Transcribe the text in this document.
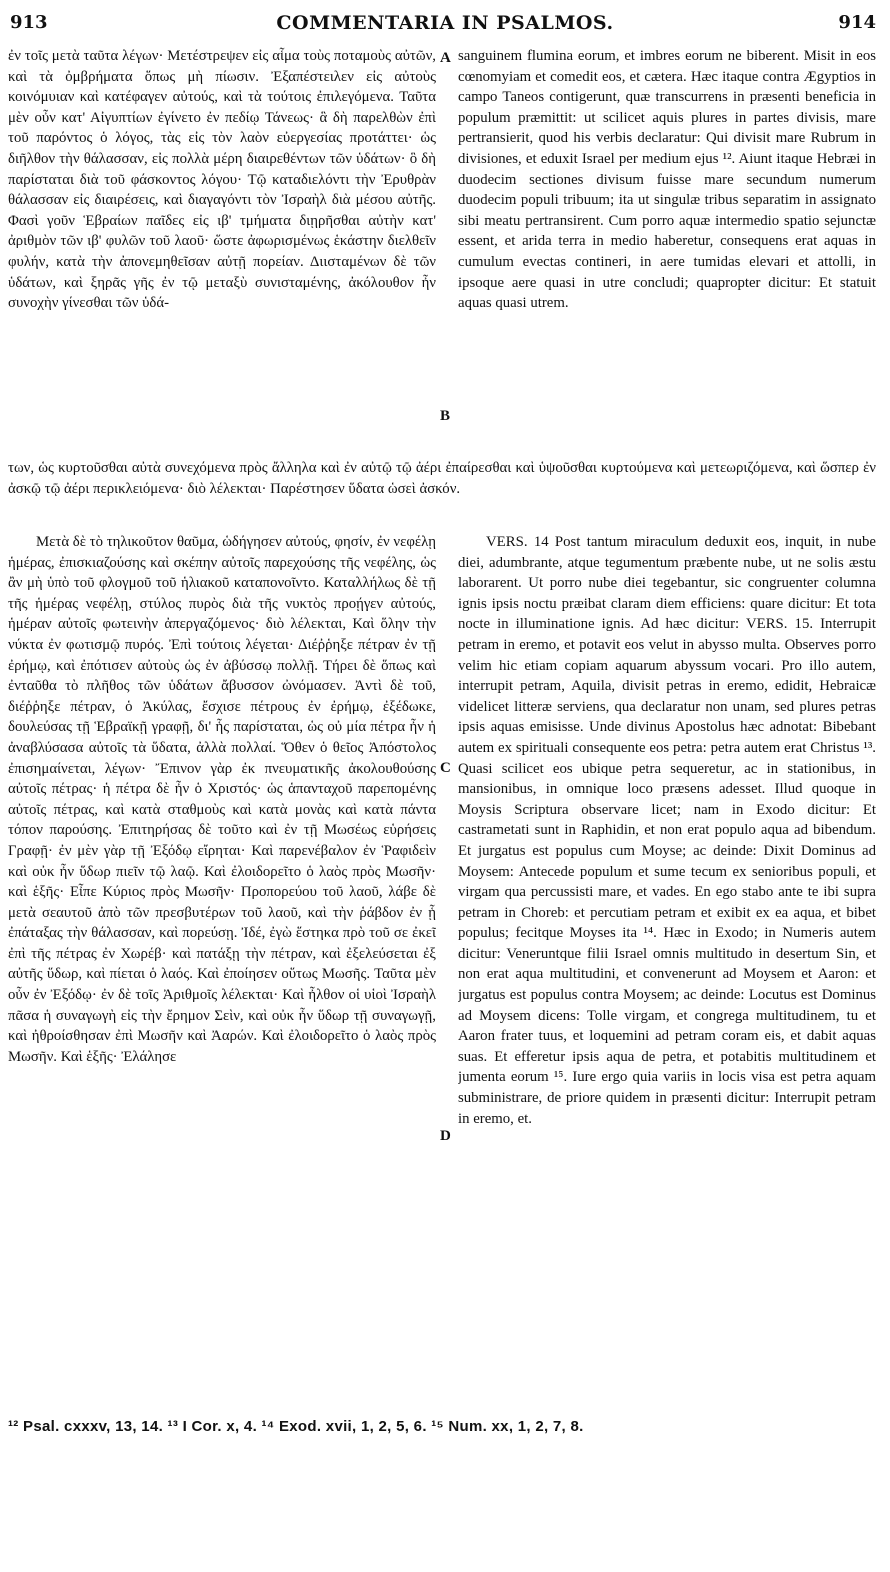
913	COMMENTARIA IN PSALMOS.	914

ἐν τοῖς μετὰ ταῦτα λέγων· Μετέστρεψεν εἰς αἷμα τοὺς ποταμοὺς αὐτῶν, καὶ τὰ ὀμβρήματα ὅπως μὴ πίωσιν. Ἐξαπέστειλεν εἰς αὐτοὺς κοινόμυιαν καὶ κατέφαγεν αὐτούς, καὶ τὰ τούτοις ἐπιλεγόμενα. Ταῦτα μὲν οὖν κατ' Αἰγυπτίων ἐγίνετο ἐν πεδίῳ Τάνεως· ἃ δὴ παρελθὼν ἐπὶ τοῦ παρόντος ὁ λόγος, τὰς εἰς τὸν λαὸν εὐεργεσίας προτάττει· ὡς διῆλθον τὴν θάλασσαν, εἰς πολλὰ μέρη διαιρεθέντων τῶν ὑδάτων· ὃ δὴ παρίσταται διὰ τοῦ φάσκοντος λόγου· Τῷ καταδιελόντι τὴν Ἐρυθρὰν θάλασσαν εἰς διαιρέσεις, καὶ διαγαγόντι τὸν Ἰσραὴλ διὰ μέσου αὐτῆς. Φασὶ γοῦν Ἑβραίων παῖδες εἰς ιβ' τμήματα διῃρῆσθαι αὐτὴν κατ' ἀριθμὸν τῶν ιβ' φυλῶν τοῦ λαοῦ· ὥστε ἀφωρισμένως ἑκάστην διελθεῖν φυλήν, κατὰ τὴν ἀπονεμηθεῖσαν αὐτῇ πορείαν. Διισταμένων δὲ τῶν ὑδάτων, καὶ ξηρᾶς γῆς ἐν τῷ μεταξὺ συνισταμένης, ἀκόλουθον ἦν συνοχὴν γίνεσθαι τῶν ὑδά-

sanguinem flumina eorum, et imbres eorum ne biberent. Misit in eos cœnomyiam et comedit eos, et cætera. Hæc itaque contra Ægyptios in campo Taneos contigerunt, quæ transcurrens in præsenti beneficia in populum præmittit: ut scilicet aquis plures in partes divisis, mare pertransierit, quod his verbis declaratur: Qui divisit mare Rubrum in divisiones, et eduxit Israel per medium ejus ¹². Aiunt itaque Hebræi in duodecim sectiones divisum fuisse mare secundum numerum duodecim populi tribuum; ita ut singulæ tribus separatim in assignato sibi meatu pertransirent. Cum porro aquæ intermedio spatio sejunctæ essent, et arida terra in medio haberetur, consequens erat aquas in cumulum evectas contineri, in aere tumidas elevari et attolli, in ipsoque aere quasi in utre concludi; quapropter dicitur: Et statuit aquas quasi utrem.

A
B

των, ὡς κυρτοῦσθαι αὐτὰ συνεχόμενα πρὸς ἄλληλα καὶ ἐν αὐτῷ τῷ ἀέρι ἐπαίρεσθαι καὶ ὑψοῦσθαι κυρτούμενα καὶ μετεωριζόμενα, καὶ ὥσπερ ἐν ἀσκῷ τῷ ἀέρι περικλειόμενα· διὸ λέλεκται· Παρέστησεν ὕδατα ὡσεὶ ἀσκόν.

Μετὰ δὲ τὸ τηλικοῦτον θαῦμα, ὡδήγησεν αὐτούς, φησίν, ἐν νεφέλῃ ἡμέρας, ἐπισκιαζούσης καὶ σκέπην αὐτοῖς παρεχούσης τῆς νεφέλης, ὡς ἂν μὴ ὑπὸ τοῦ φλογμοῦ τοῦ ἡλιακοῦ καταπονοῖντο. Καταλλήλως δὲ τῇ τῆς ἡμέρας νεφέλῃ, στύλος πυρὸς διὰ τῆς νυκτὸς προῄγεν αὐτούς, ἡμέραν αὐτοῖς φωτεινὴν ἀπεργαζόμενος· διὸ λέλεκται, Καὶ ὅλην τὴν νύκτα ἐν φωτισμῷ πυρός. Ἐπὶ τούτοις λέγεται· Διέῤῥηξε πέτραν ἐν τῇ ἐρήμῳ, καὶ ἐπότισεν αὐτοὺς ὡς ἐν ἀβύσσῳ πολλῇ. Τήρει δὲ ὅπως καὶ ἐνταῦθα τὸ πλῆθος τῶν ὑδάτων ἄβυσσον ὠνόμασεν. Ἀντὶ δὲ τοῦ, διέῤῥηξε πέτραν, ὁ Ἀκύλας, ἔσχισε πέτρους ἐν ἐρήμῳ, ἐξέδωκε, δουλεύσας τῇ Ἑβραϊκῇ γραφῇ, δι' ἧς παρίσταται, ὡς οὐ μία πέτρα ἦν ἡ ἀναβλύσασα αὐτοῖς τὰ ὕδατα, ἀλλὰ πολλαί. Ὅθεν ὁ θεῖος Ἀπόστολος ἐπισημαίνεται, λέγων· Ἔπινον γὰρ ἐκ πνευματικῆς ἀκολουθούσης αὐτοῖς πέτρας· ἡ πέτρα δὲ ἦν ὁ Χριστός· ὡς ἁπανταχοῦ παρεπομένης αὐτοῖς πέτρας, καὶ κατὰ σταθμοὺς καὶ κατὰ μονὰς καὶ κατὰ πάντα τόπον παρούσης. Ἐπιτηρήσας δὲ τοῦτο καὶ ἐν τῇ Μωσέως εὑρήσεις Γραφῇ· ἐν μὲν γὰρ τῇ Ἐξόδῳ εἴρηται· Καὶ παρενέβαλον ἐν Ῥαφιδεὶν καὶ οὐκ ἦν ὕδωρ πιεῖν τῷ λαῷ. Καὶ ἐλοιδορεῖτο ὁ λαὸς πρὸς Μωσῆν· καὶ ἑξῆς· Εἶπε Κύριος πρὸς Μωσῆν· Προπορεύου τοῦ λαοῦ, λάβε δὲ μετὰ σεαυτοῦ ἀπὸ τῶν πρεσβυτέρων τοῦ λαοῦ, καὶ τὴν ῥάβδον ἐν ᾗ ἐπάταξας τὴν θάλασσαν, καὶ πορεύσῃ. Ἰδέ, ἐγὼ ἕστηκα πρὸ τοῦ σε ἐκεῖ ἐπὶ τῆς πέτρας ἐν Χωρέβ· καὶ πατάξῃ τὴν πέτραν, καὶ ἐξελεύσεται ἐξ αὐτῆς ὕδωρ, καὶ πίεται ὁ λαός. Καὶ ἐποίησεν οὕτως Μωσῆς. Ταῦτα μὲν οὖν ἐν Ἐξόδῳ· ἐν δὲ τοῖς Ἀριθμοῖς λέλεκται· Καὶ ἦλθον οἱ υἱοὶ Ἰσραὴλ πᾶσα ἡ συναγωγὴ εἰς τὴν ἔρημον Σεὶν, καὶ οὐκ ἦν ὕδωρ τῇ συναγωγῇ, καὶ ἠθροίσθησαν ἐπὶ Μωσῆν καὶ Ἀαρών. Καὶ ἐλοιδορεῖτο ὁ λαὸς πρὸς Μωσῆν. Καὶ ἑξῆς· Ἐλάλησε

VERS. 14 Post tantum miraculum deduxit eos, inquit, in nube diei, adumbrante, atque tegumentum præbente nube, ut ne solis æstu laborarent. Ut porro nube diei tegebantur, sic congruenter columna ignis ipsis noctu præibat claram diem efficiens: quare dicitur: Et tota nocte in illuminatione ignis. Ad hæc dicitur: VERS. 15. Interrupit petram in eremo, et potavit eos velut in abysso multa. Observes porro velim hic etiam copiam aquarum abyssum vocari. Pro illo autem, interrupit petram, Aquila, divisit petras in eremo, edidit, Hebraicæ videlicet litteræ serviens, qua declaratur non unam, sed plures petras ipsis aquas emisisse. Unde divinus Apostolus hæc adnotat: Bibebant autem ex spirituali consequente eos petra: petra autem erat Christus ¹³. Quasi scilicet eos ubique petra sequeretur, ac in stationibus, in mansionibus, in omnique loco præsens adesset. Illud quoque in Moysis Scriptura observare licet; nam in Exodo dicitur: Et castrametati sunt in Raphidin, et non erat populo aqua ad bibendum. Et jurgatus est populus cum Moyse; ac deinde: Dixit Dominus ad Moysem: Antecede populum et sume tecum ex senioribus populi, et virgam qua percussisti mare, et vades. En ego stabo ante te ibi supra petram in Choreb: et percutiam petram et exibit ex ea aqua, et bibet populus; fecitque Moyses ita ¹⁴. Hæc in Exodo; in Numeris autem dicitur: Veneruntque filii Israel omnis multitudo in desertum Sin, et non erat aqua multitudini, et convenerunt ad Moysem et Aaron: et jurgatus est populus contra Moysem; ac deinde: Locutus est Dominus ad Moysem dicens: Tolle virgam, et congrega multitudinem, tu et Aaron frater tuus, et loquemini ad petram coram eis, et dabit aquas suas. Et efferetur ipsis aqua de petra, et potabitis multitudinem et jumenta eorum ¹⁵. Iure ergo quia variis in locis visa est petra aquam subministrare, de priore quidem in præsenti dicitur: Interrupit petram in eremo, et.

C
D
¹² Psal. cxxxv, 13, 14. ¹³ I Cor. x, 4. ¹⁴ Exod. xvii, 1, 2, 5, 6. ¹⁵ Num. xx, 1, 2, 7, 8.
